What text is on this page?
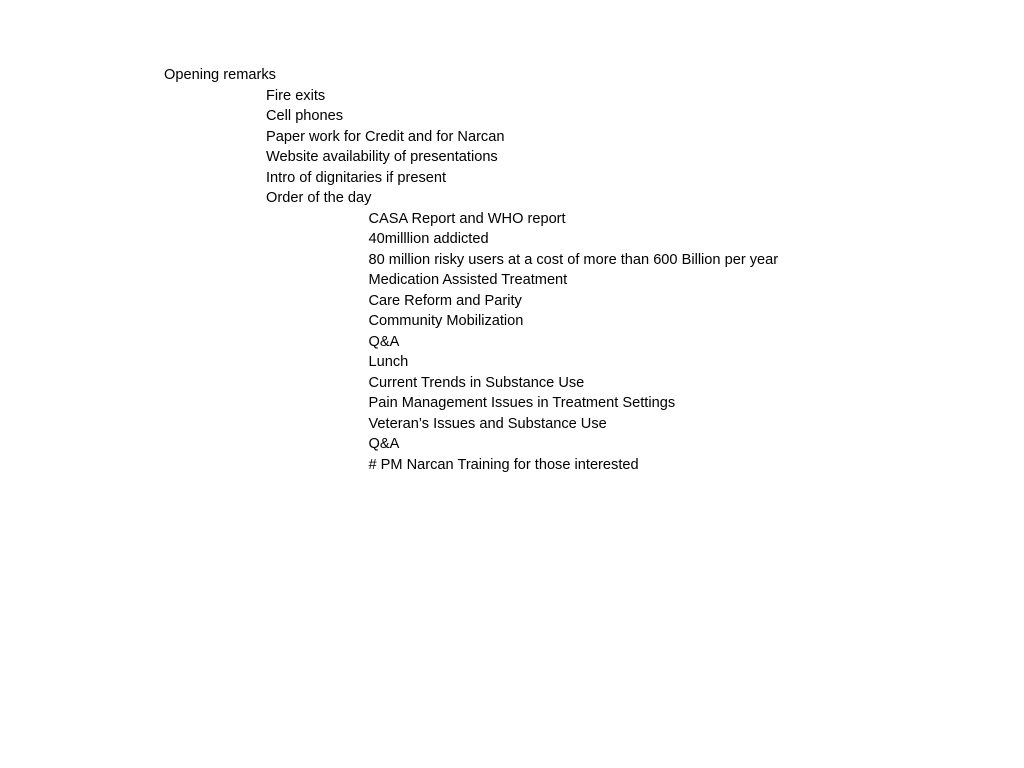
Opening remarks
Fire exits
Cell phones
Paper work for Credit and for Narcan
Website availability of presentations
Intro of dignitaries if present
Order of the day
CASA Report and WHO report
40milllion addicted
80 million risky users at a cost of more than 600 Billion per year
Medication Assisted Treatment
Care Reform and Parity
Community Mobilization
Q&A
Lunch
Current Trends in Substance Use
Pain Management Issues in Treatment Settings
Veteran’s Issues and Substance Use
Q&A
# PM Narcan Training for those interested
